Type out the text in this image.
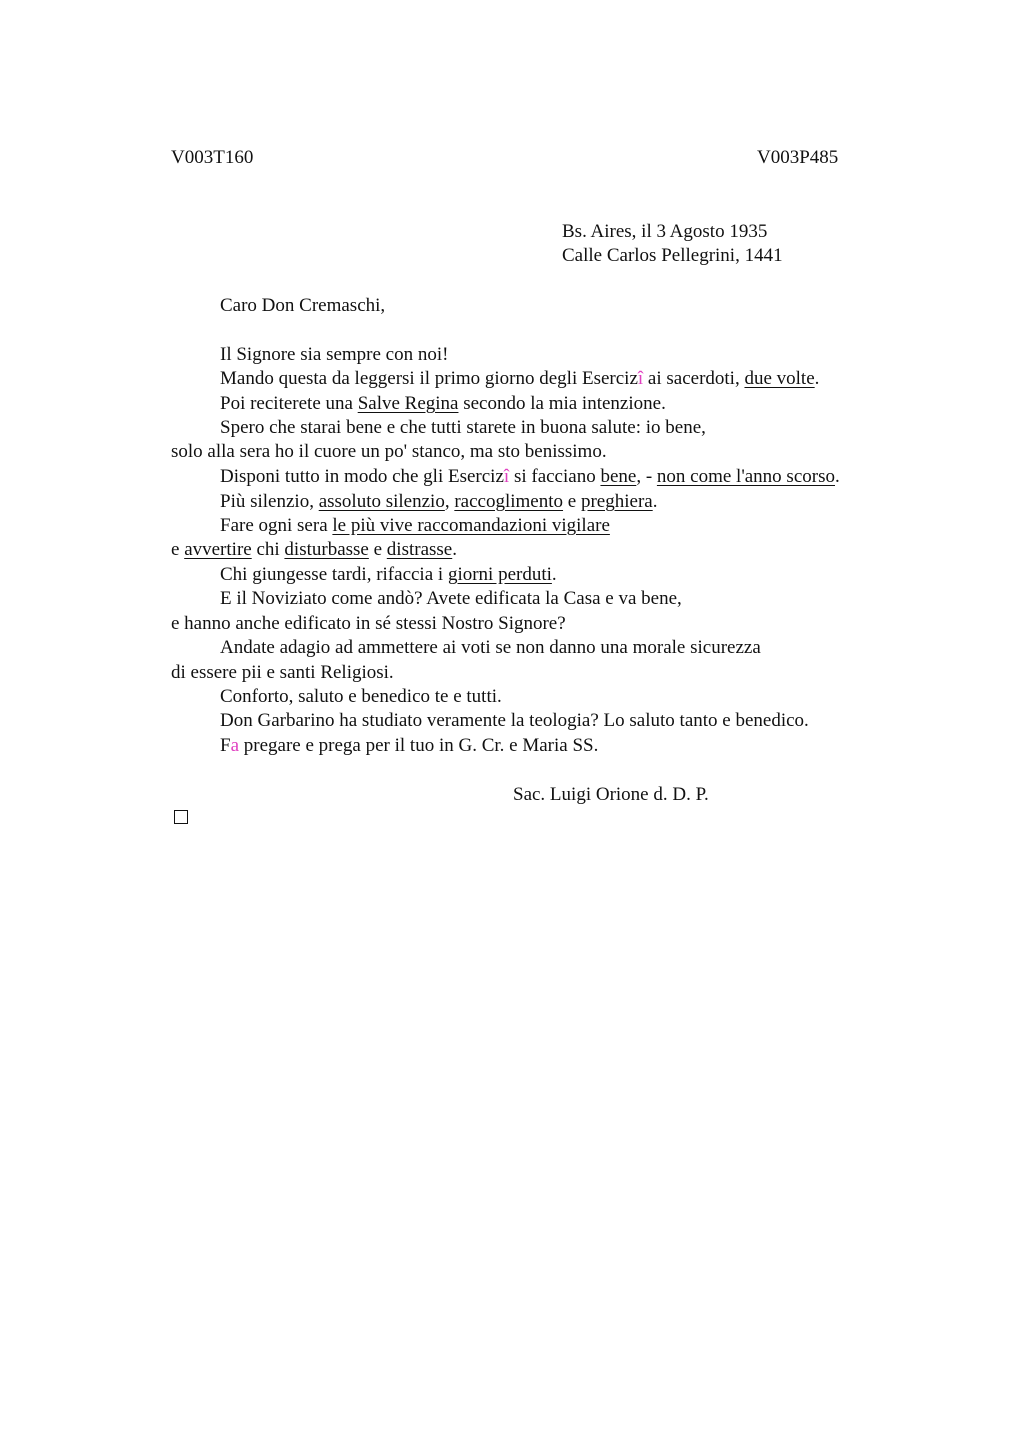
V003T160	V003P485
Bs. Aires, il 3 Agosto 1935
Calle Carlos Pellegrini, 1441
Caro Don Cremaschi,
Il Signore sia sempre con noi!
Mando questa da leggersi il primo giorno degli Esercizî ai sacerdoti, due volte.
Poi reciterete una Salve Regina secondo la mia intenzione.
Spero che starai bene e che tutti starete in buona salute: io bene,
solo alla sera ho il cuore un po' stanco, ma sto benissimo.
Disponi tutto in modo che gli Esercizî si facciano bene, - non come l'anno scorso.
Più silenzio, assoluto silenzio, raccoglimento e preghiera.
Fare ogni sera le più vive raccomandazioni vigilare
e avvertire chi disturbasse e distrasse.
Chi giungesse tardi, rifaccia i giorni perduti.
E il Noviziato come andò? Avete edificata la Casa e va bene,
e hanno anche edificato in sé stessi Nostro Signore?
Andate adagio ad ammettere ai voti se non danno una morale sicurezza
di essere pii e santi Religiosi.
Conforto, saluto e benedico te e tutti.
Don Garbarino ha studiato veramente la teologia? Lo saluto tanto e benedico.
Fa pregare e prega per il tuo in G. Cr. e Maria SS.
Sac. Luigi Orione d. D. P.
